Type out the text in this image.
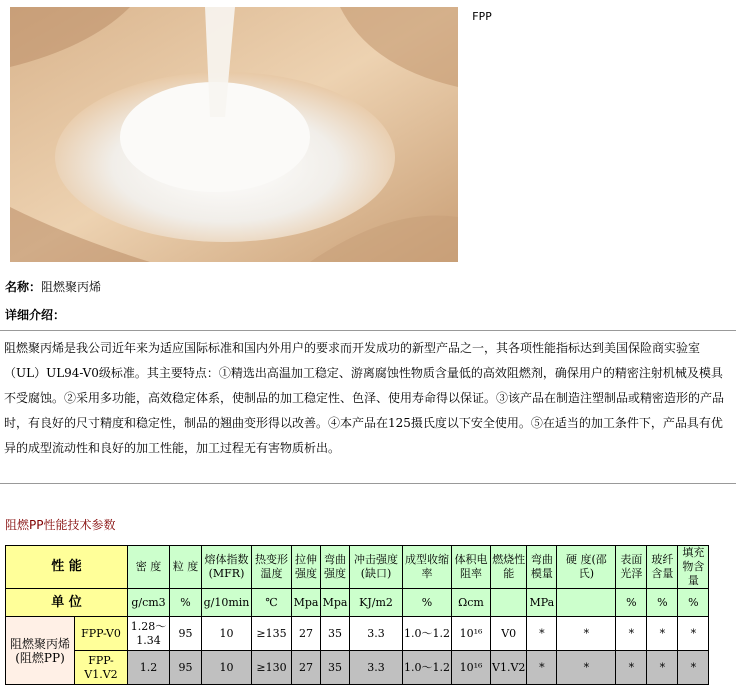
FPP
名称：阻燃聚丙烯
详细介绍：
阻燃聚丙烯是我公司近年来为适应国际标准和国内外用户的要求而开发成功的新型产品之一，其各项性能指标达到美国保险商实验室（UL）UL94-V0级标准。其主要特点：①精选出高温加工稳定、游离腐蚀性物质含量低的高效阻燃剂，确保用户的精密注射机械及模具不受腐蚀。②采用多功能，高效稳定体系，使制品的加工稳定性、色泽、使用寿命得以保证。③该产品在制造注塑制品或精密造形的产品时，有良好的尺寸精度和稳定性，制品的翘曲变形得以改善。④本产品在125摄氏度以下安全使用。⑤在适当的加工条件下，产品具有优异的成型流动性和良好的加工性能，加工过程无有害物质析出。
阻燃PP性能技术参数
性 能		密 度	粒 度	熔体指数(MFR)	热变形温度	拉伸强度	弯曲强度	冲击强度(缺口)	成型收缩率	体积电阻率	燃烧性能	弯曲模量	硬 度(邵氏)	表面光泽	玻纤含量	填充物含量
单 位		g/cm3	%	g/10min	℃	Mpa	Mpa	KJ/m2	%	Ωcm		MPa		%	%	%
阻燃聚丙烯(阻燃PP)	FPP-V0	1.28～1.34	95	10	≥135	27	35	3.3	1.0～1.2	10¹⁶	V0	*	*	*	*	*
	FPP-V1.V2	1.2	95	10	≥130	27	35	3.3	1.0～1.2	10¹⁶	V1.V2	*	*	*	*	*
